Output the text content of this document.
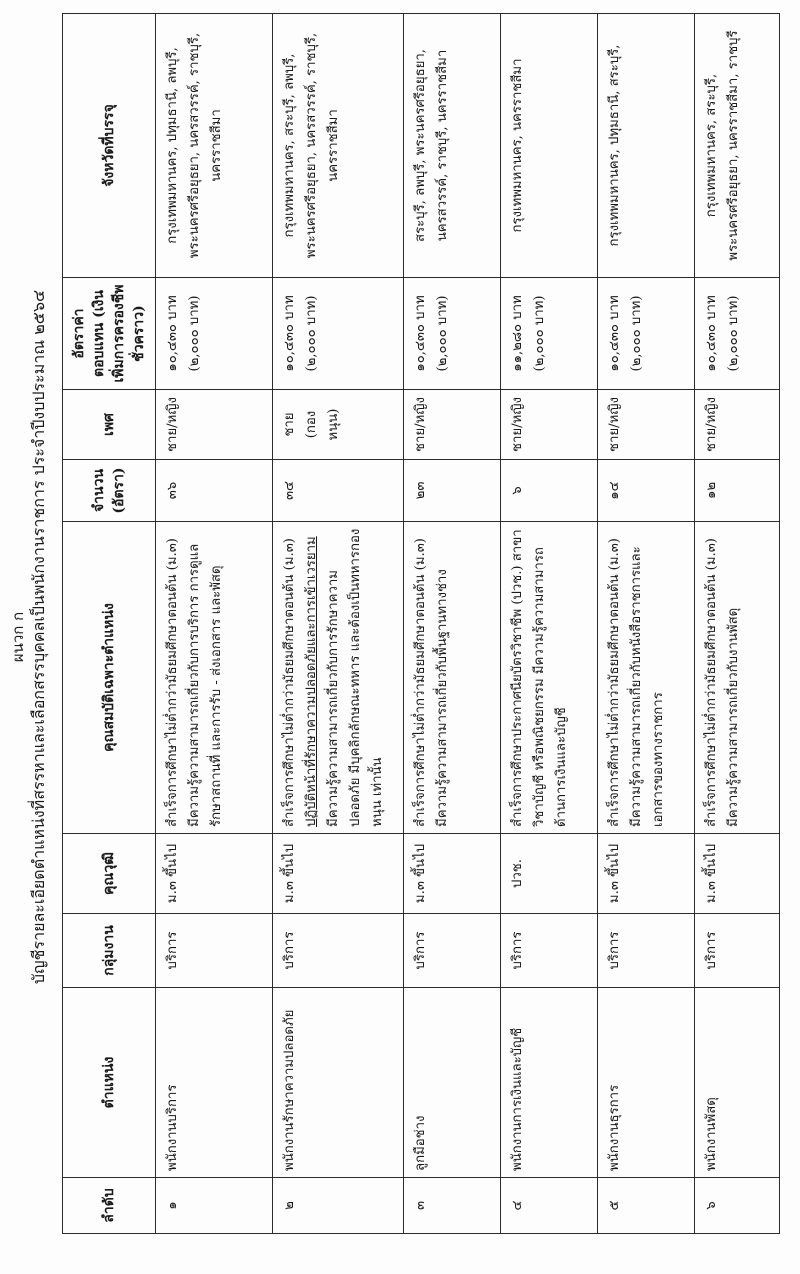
ผนวก ก บัญชีรายละเอียดตำแหน่งที่สรรหาและเลือกสรรบุคคลเป็นพนักงานราชการ ประจำปีงบประมาณ ๒๕๖๔
ลำดับ	ตำแหน่ง	กลุ่มงาน	คุณวุฒิ	คุณสมบัติเฉพาะตำแหน่ง	จำนวน (อัตรา)	เพศ	อัตราค่าตอบแทน (เงินเพิ่มการครองชีพชั่วคราว)	จังหวัดที่บรรจุ
๑	พนักงานบริการ	บริการ	ม.๓ ขึ้นไป	สำเร็จการศึกษาไม่ต่ำกว่ามัธยมศึกษาตอนต้น (ม.๓) มีความรู้ความสามารถเกี่ยวกับการบริการ การดูแลรักษาสถานที่ และการรับ - ส่งเอกสาร และพัสดุ	๓๖	ชาย/หญิง	๑๐,๔๓๐ บาท (๒,๐๐๐ บาท)	กรุงเทพมหานคร, ปทุมธานี, ลพบุรี, พระนครศรีอยุธยา, นครสวรรค์, ราชบุรี, นครราชสีมา
๒	พนักงานรักษาความปลอดภัย	บริการ	ม.๓ ขึ้นไป	สำเร็จการศึกษาไม่ต่ำกว่ามัธยมศึกษาตอนต้น (ม.๓) ปฏิบัติหน้าที่รักษาความปลอดภัยและการเข้าเวรยาม มีความรู้ความสามารถเกี่ยวกับการรักษาความปลอดภัย มีบุคลิกลักษณะทหาร และต้องเป็นทหารกองหนุน เท่านั้น	๓๔	ชาย (กองหนุน)	๑๐,๔๓๐ บาท (๒,๐๐๐ บาท)	กรุงเทพมหานคร, สระบุรี, ลพบุรี, พระนครศรีอยุธยา, นครสวรรค์, ราชบุรี, นครราชสีมา
๓	ลูกมือช่าง	บริการ	ม.๓ ขึ้นไป	สำเร็จการศึกษาไม่ต่ำกว่ามัธยมศึกษาตอนต้น (ม.๓) มีความรู้ความสามารถเกี่ยวกับพื้นฐานทางช่าง	๒๓	ชาย/หญิง	๑๐,๔๓๐ บาท (๒,๐๐๐ บาท)	สระบุรี, ลพบุรี, พระนครศรีอยุธยา, นครสวรรค์, ราชบุรี, นครราชสีมา
๔	พนักงานการเงินและบัญชี	บริการ	ปวช.	สำเร็จการศึกษาประกาศนียบัตรวิชาชีพ (ปวช.) สาขาวิชาบัญชี หรือพณิชยกรรม มีความรู้ความสามารถด้านการเงินและบัญชี	๖	ชาย/หญิง	๑๑,๒๘๐ บาท (๒,๐๐๐ บาท)	กรุงเทพมหานคร, นครราชสีมา
๕	พนักงานธุรการ	บริการ	ม.๓ ขึ้นไป	สำเร็จการศึกษาไม่ต่ำกว่ามัธยมศึกษาตอนต้น (ม.๓) มีความรู้ความสามารถเกี่ยวกับหนังสือราชการและเอกสารของทางราชการ	๑๔	ชาย/หญิง	๑๐,๔๓๐ บาท (๒,๐๐๐ บาท)	กรุงเทพมหานคร, ปทุมธานี, สระบุรี,
๖	พนักงานพัสดุ	บริการ	ม.๓ ขึ้นไป	สำเร็จการศึกษาไม่ต่ำกว่ามัธยมศึกษาตอนต้น (ม.๓) มีความรู้ความสามารถเกี่ยวกับงานพัสดุ	๑๒	ชาย/หญิง	๑๐,๔๓๐ บาท (๒,๐๐๐ บาท)	กรุงเทพมหานคร, สระบุรี, พระนครศรีอยุธยา, นครราชสีมา, ราชบุรี
